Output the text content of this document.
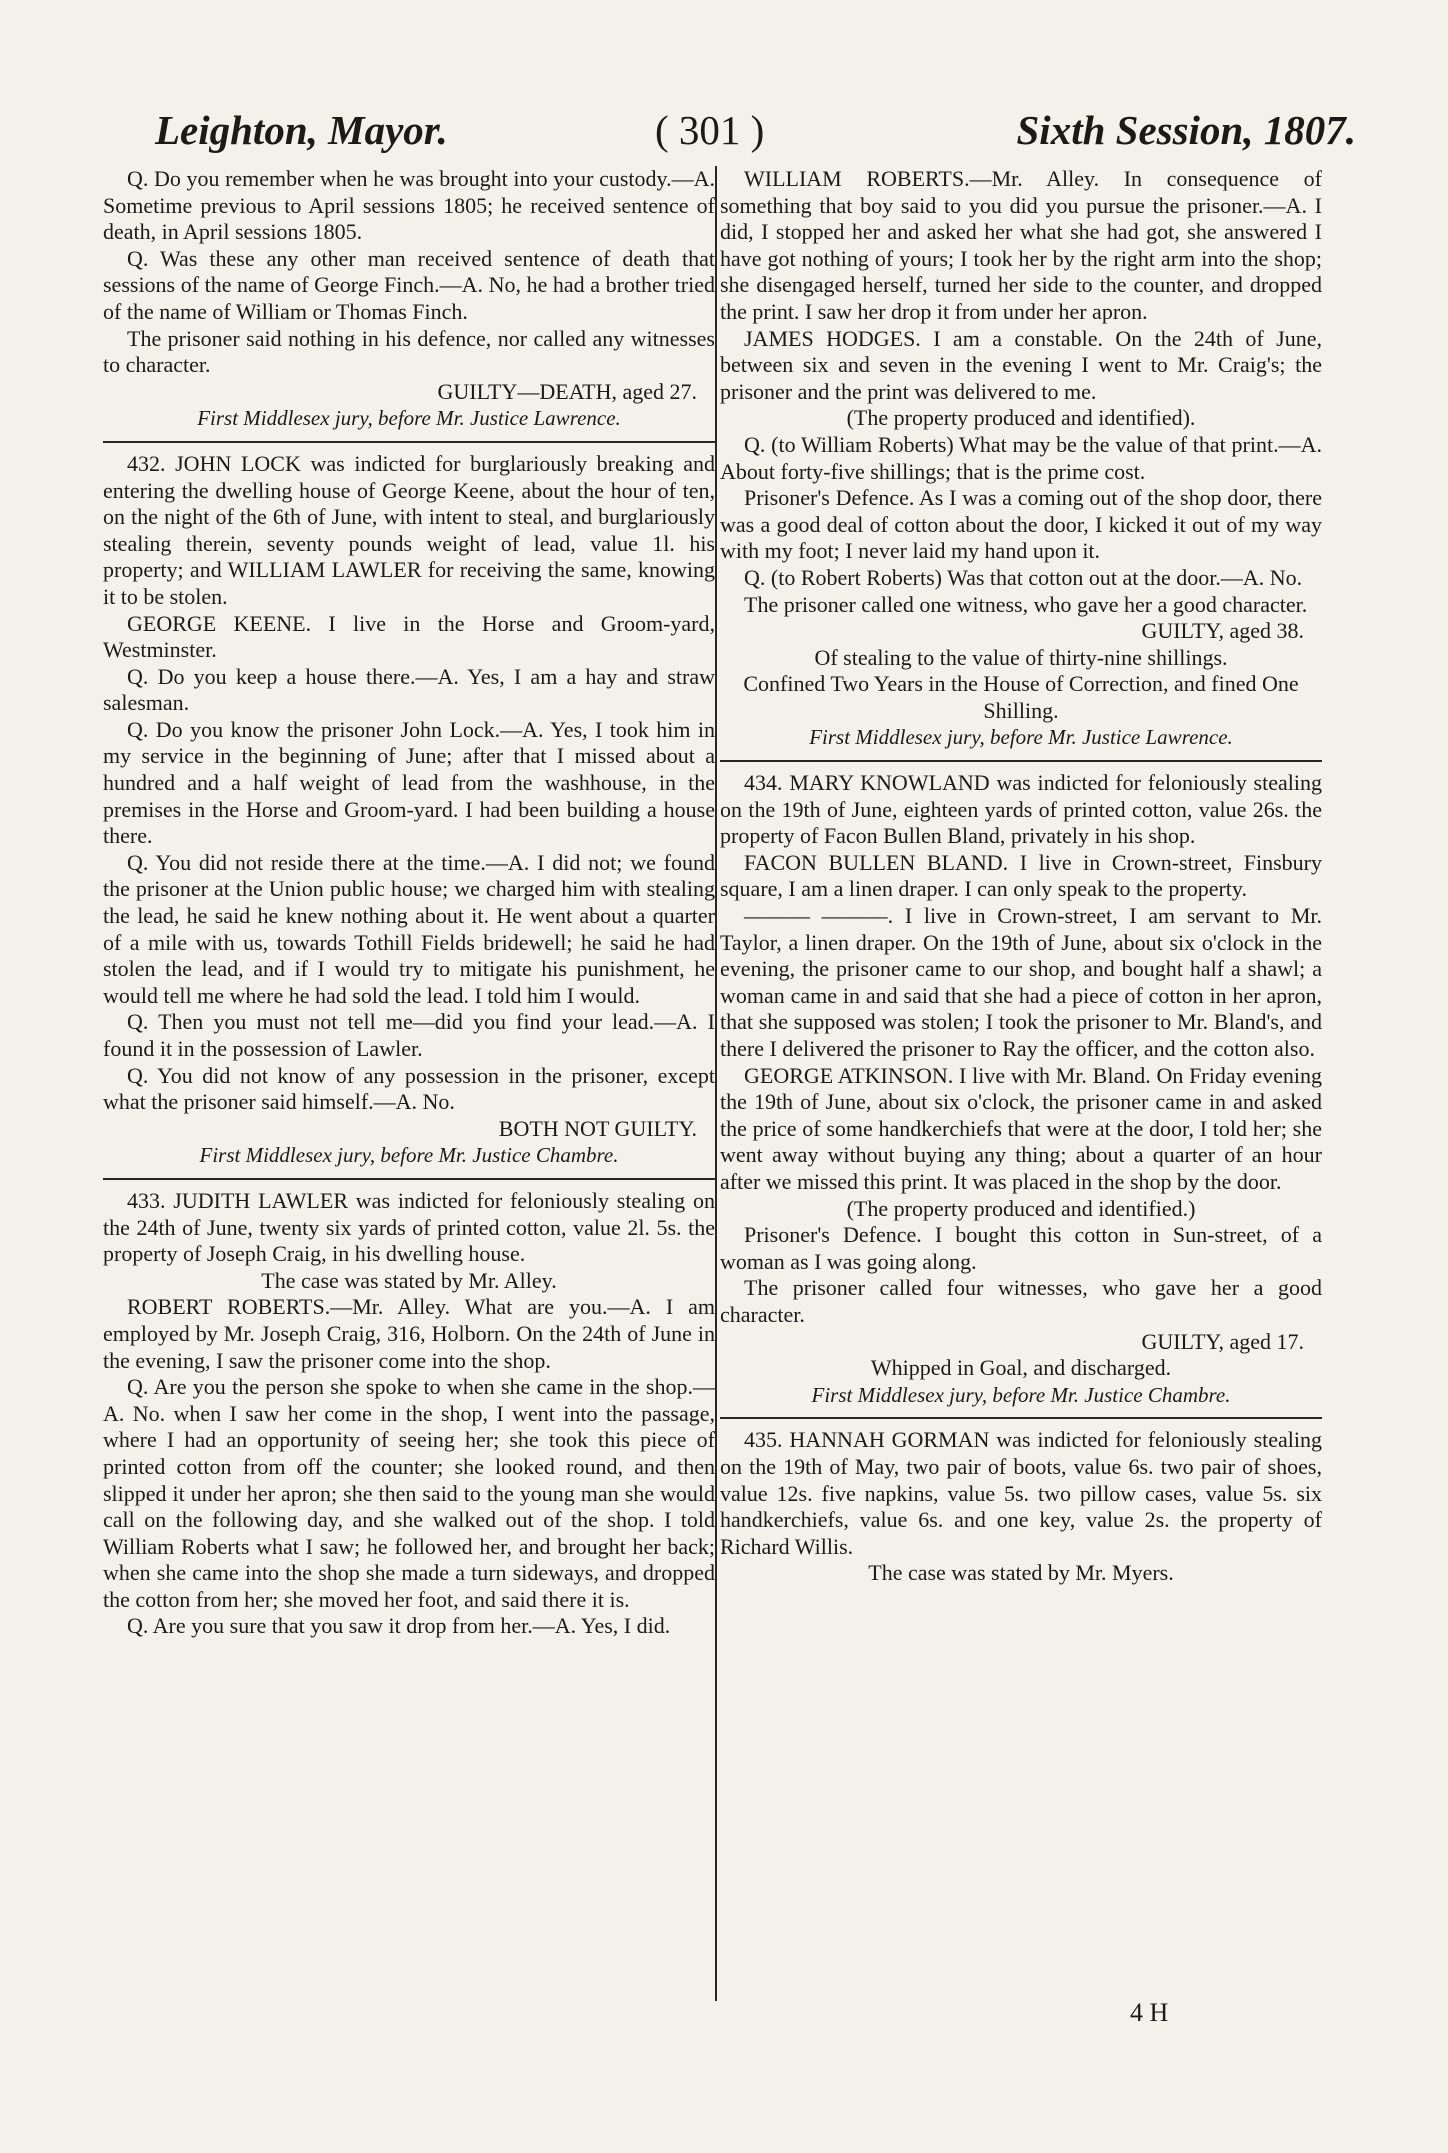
Leighton, Mayor.	( 301 )	Sixth Session, 1807.

Q. Do you remember when he was brought into your custody.—A. Sometime previous to April sessions 1805; he received sentence of death, in April sessions 1805.

Q. Was these any other man received sentence of death that sessions of the name of George Finch.—A. No, he had a brother tried of the name of William or Thomas Finch.

The prisoner said nothing in his defence, nor called any witnesses to character.

GUILTY—DEATH, aged 27.

First Middlesex jury, before Mr. Justice Lawrence.

432. JOHN LOCK was indicted for burglariously breaking and entering the dwelling house of George Keene, about the hour of ten, on the night of the 6th of June, with intent to steal, and burglariously stealing therein, seventy pounds weight of lead, value 1l. his property; and WILLIAM LAWLER for receiving the same, knowing it to be stolen.

GEORGE KEENE. I live in the Horse and Groom-yard, Westminster.

Q. Do you keep a house there.—A. Yes, I am a hay and straw salesman.

Q. Do you know the prisoner John Lock.—A. Yes, I took him in my service in the beginning of June; after that I missed about a hundred and a half weight of lead from the washhouse, in the premises in the Horse and Groom-yard. I had been building a house there.

Q. You did not reside there at the time.—A. I did not; we found the prisoner at the Union public house; we charged him with stealing the lead, he said he knew nothing about it. He went about a quarter of a mile with us, towards Tothill Fields bridewell; he said he had stolen the lead, and if I would try to mitigate his punishment, he would tell me where he had sold the lead. I told him I would.

Q. Then you must not tell me—did you find your lead.—A. I found it in the possession of Lawler.

Q. You did not know of any possession in the prisoner, except what the prisoner said himself.—A. No.

BOTH NOT GUILTY.

First Middlesex jury, before Mr. Justice Chambre.

433. JUDITH LAWLER was indicted for feloniously stealing on the 24th of June, twenty six yards of printed cotton, value 2l. 5s. the property of Joseph Craig, in his dwelling house.

The case was stated by Mr. Alley.

ROBERT ROBERTS.—Mr. Alley. What are you.—A. I am employed by Mr. Joseph Craig, 316, Holborn. On the 24th of June in the evening, I saw the prisoner come into the shop.

Q. Are you the person she spoke to when she came in the shop.—A. No. when I saw her come in the shop, I went into the passage, where I had an opportunity of seeing her; she took this piece of printed cotton from off the counter; she looked round, and then slipped it under her apron; she then said to the young man she would call on the following day, and she walked out of the shop. I told William Roberts what I saw; he followed her, and brought her back; when she came into the shop she made a turn sideways, and dropped the cotton from her; she moved her foot, and said there it is.

Q. Are you sure that you saw it drop from her.—A. Yes, I did.

WILLIAM ROBERTS.—Mr. Alley. In consequence of something that boy said to you did you pursue the prisoner.—A. I did, I stopped her and asked her what she had got, she answered I have got nothing of yours; I took her by the right arm into the shop; she disengaged herself, turned her side to the counter, and dropped the print. I saw her drop it from under her apron.

JAMES HODGES. I am a constable. On the 24th of June, between six and seven in the evening I went to Mr. Craig's; the prisoner and the print was delivered to me.

(The property produced and identified).

Q. (to William Roberts) What may be the value of that print.—A. About forty-five shillings; that is the prime cost.

Prisoner's Defence. As I was a coming out of the shop door, there was a good deal of cotton about the door, I kicked it out of my way with my foot; I never laid my hand upon it.

Q. (to Robert Roberts) Was that cotton out at the door.—A. No.

The prisoner called one witness, who gave her a good character.

GUILTY, aged 38.

Of stealing to the value of thirty-nine shillings.

Confined Two Years in the House of Correction, and fined One Shilling.

First Middlesex jury, before Mr. Justice Lawrence.

434. MARY KNOWLAND was indicted for feloniously stealing on the 19th of June, eighteen yards of printed cotton, value 26s. the property of Facon Bullen Bland, privately in his shop.

FACON BULLEN BLAND. I live in Crown-street, Finsbury square, I am a linen draper. I can only speak to the property.

——— ———. I live in Crown-street, I am servant to Mr. Taylor, a linen draper. On the 19th of June, about six o'clock in the evening, the prisoner came to our shop, and bought half a shawl; a woman came in and said that she had a piece of cotton in her apron, that she supposed was stolen; I took the prisoner to Mr. Bland's, and there I delivered the prisoner to Ray the officer, and the cotton also.

GEORGE ATKINSON. I live with Mr. Bland. On Friday evening the 19th of June, about six o'clock, the prisoner came in and asked the price of some handkerchiefs that were at the door, I told her; she went away without buying any thing; about a quarter of an hour after we missed this print. It was placed in the shop by the door.

(The property produced and identified.)

Prisoner's Defence. I bought this cotton in Sun-street, of a woman as I was going along.

The prisoner called four witnesses, who gave her a good character.

GUILTY, aged 17.

Whipped in Goal, and discharged.

First Middlesex jury, before Mr. Justice Chambre.

435. HANNAH GORMAN was indicted for feloniously stealing on the 19th of May, two pair of boots, value 6s. two pair of shoes, value 12s. five napkins, value 5s. two pillow cases, value 5s. six handkerchiefs, value 6s. and one key, value 2s. the property of Richard Willis.

The case was stated by Mr. Myers.

4 H
